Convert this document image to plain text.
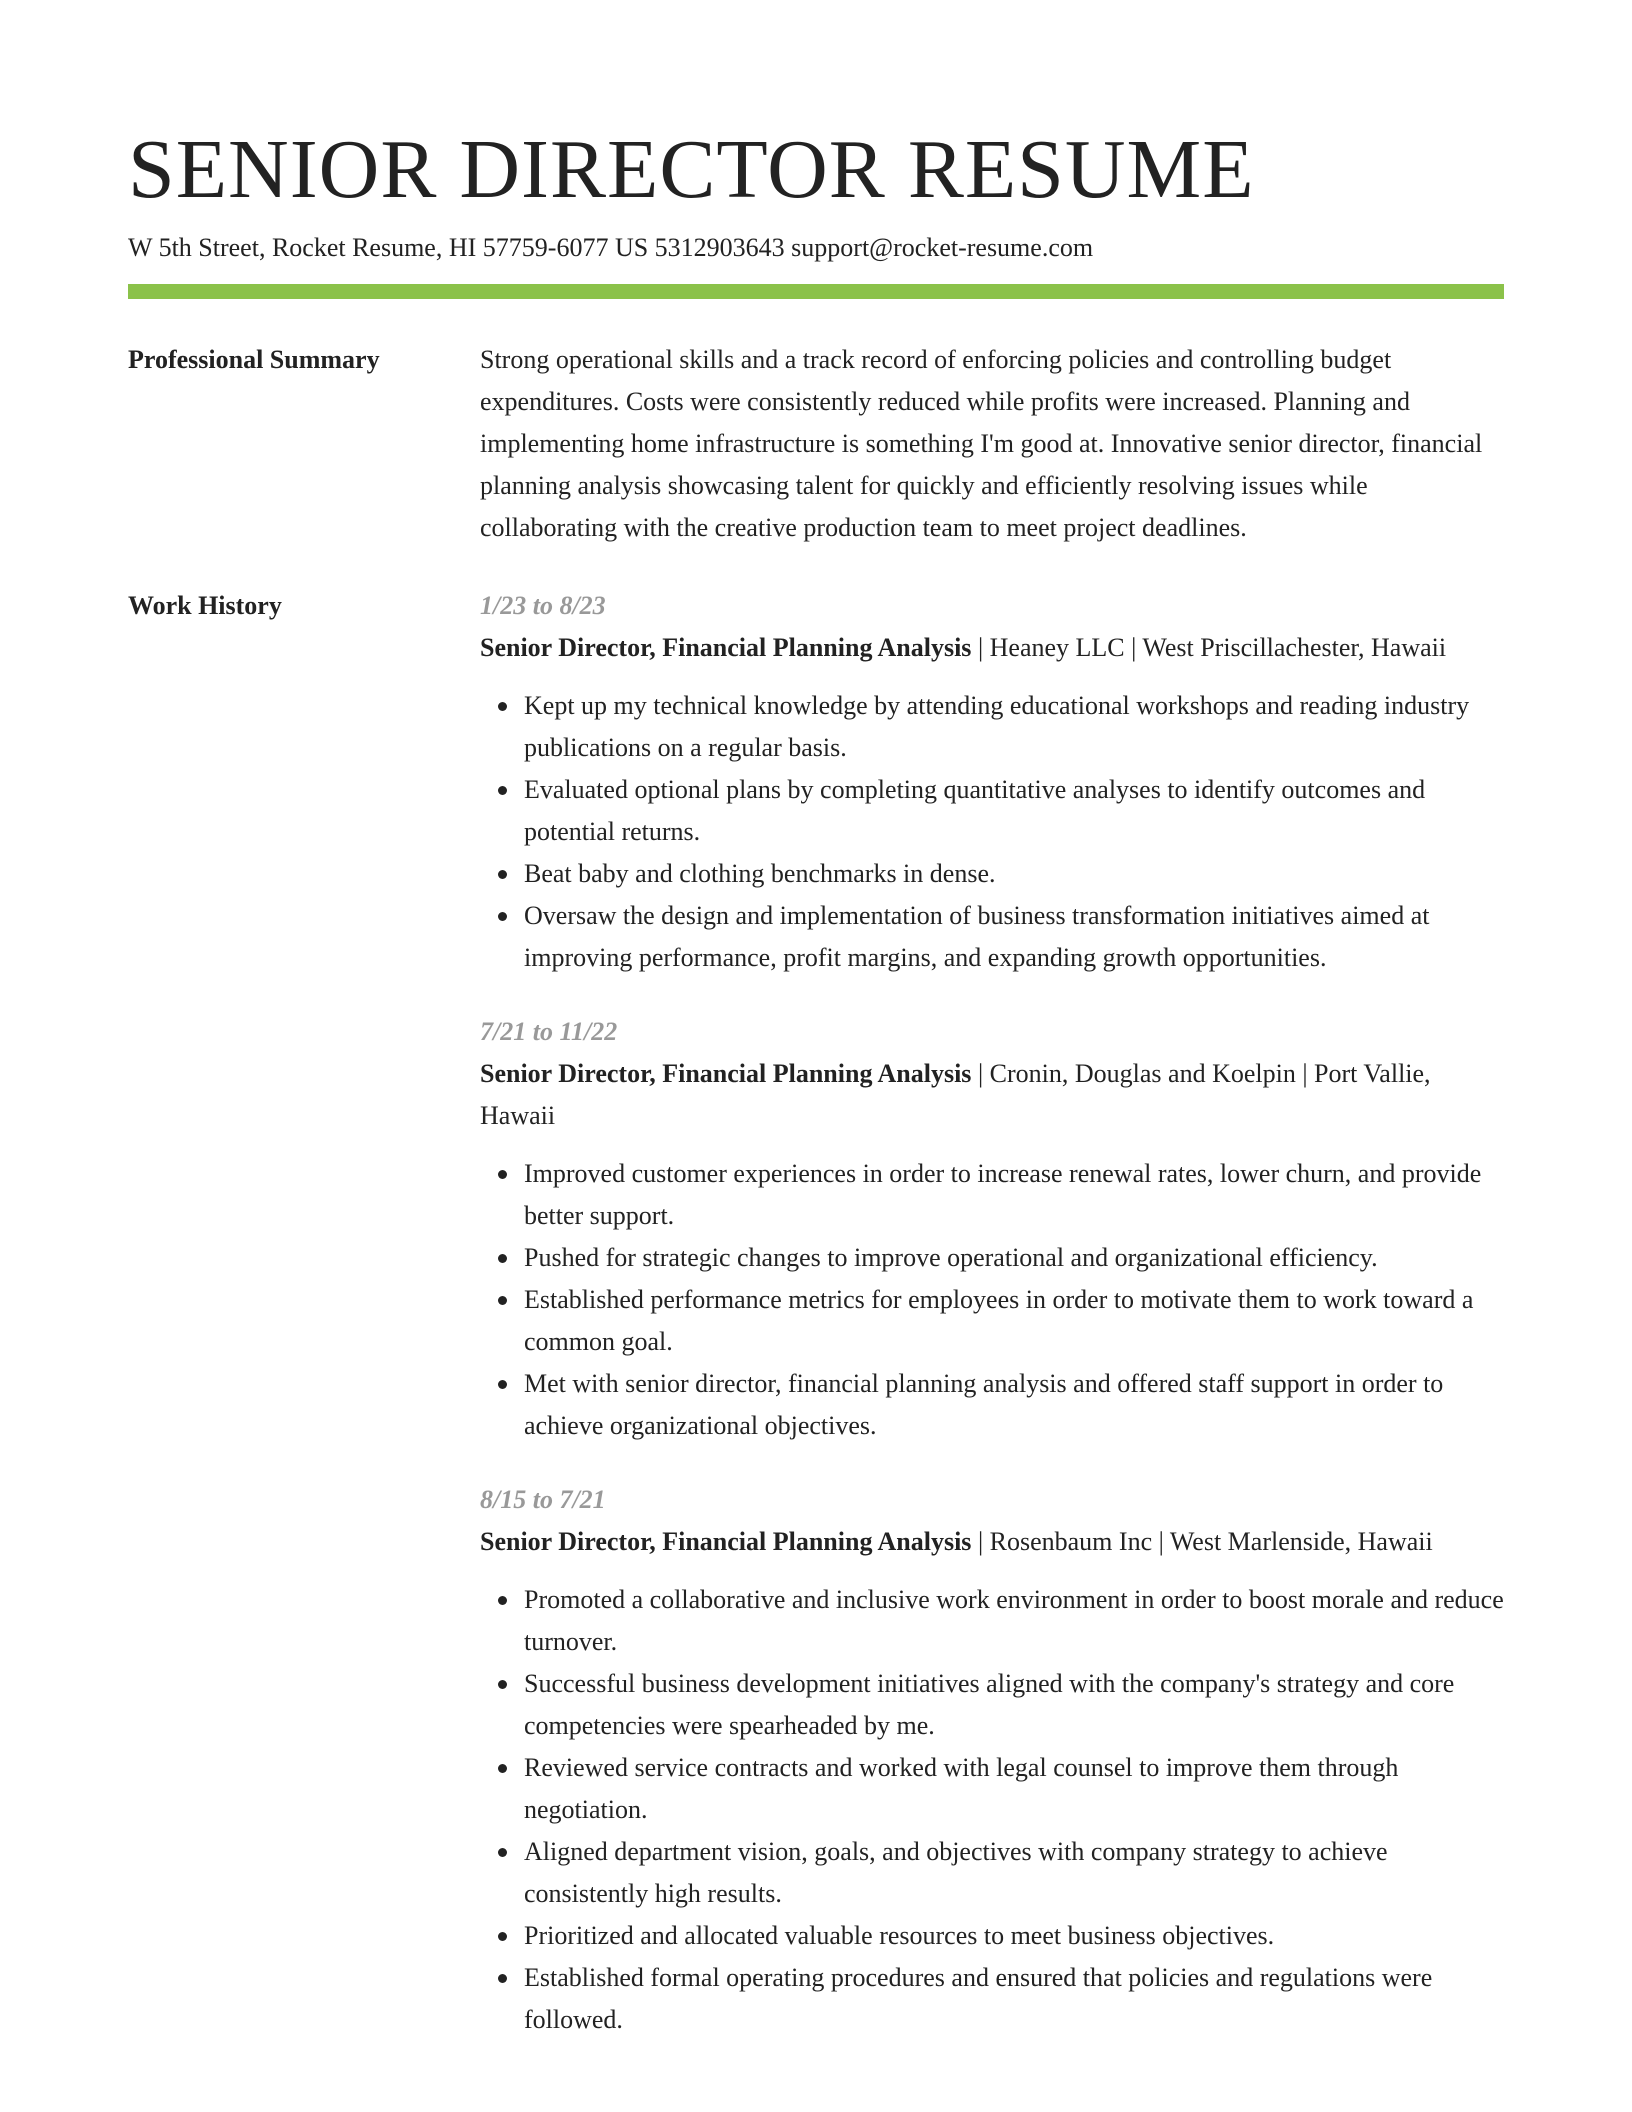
SENIOR DIRECTOR RESUME
W 5th Street, Rocket Resume, HI 57759-6077 US 5312903643 support@rocket-resume.com
Professional Summary	Strong operational skills and a track record of enforcing policies and controlling budget expenditures. Costs were consistently reduced while profits were increased. Planning and implementing home infrastructure is something I'm good at. Innovative senior director, financial planning analysis showcasing talent for quickly and efficiently resolving issues while collaborating with the creative production team to meet project deadlines.

Work History	1/23 to 8/23
Senior Director, Financial Planning Analysis | Heaney LLC | West Priscillachester, Hawaii
Kept up my technical knowledge by attending educational workshops and reading industry publications on a regular basis.
Evaluated optional plans by completing quantitative analyses to identify outcomes and potential returns.
Beat baby and clothing benchmarks in dense.
Oversaw the design and implementation of business transformation initiatives aimed at improving performance, profit margins, and expanding growth opportunities.
7/21 to 11/22
Senior Director, Financial Planning Analysis | Cronin, Douglas and Koelpin | Port Vallie, Hawaii
Improved customer experiences in order to increase renewal rates, lower churn, and provide better support.
Pushed for strategic changes to improve operational and organizational efficiency.
Established performance metrics for employees in order to motivate them to work toward a common goal.
Met with senior director, financial planning analysis and offered staff support in order to achieve organizational objectives.
8/15 to 7/21
Senior Director, Financial Planning Analysis | Rosenbaum Inc | West Marlenside, Hawaii
Promoted a collaborative and inclusive work environment in order to boost morale and reduce turnover.
Successful business development initiatives aligned with the company's strategy and core competencies were spearheaded by me.
Reviewed service contracts and worked with legal counsel to improve them through negotiation.
Aligned department vision, goals, and objectives with company strategy to achieve consistently high results.
Prioritized and allocated valuable resources to meet business objectives.
Established formal operating procedures and ensured that policies and regulations were followed.
